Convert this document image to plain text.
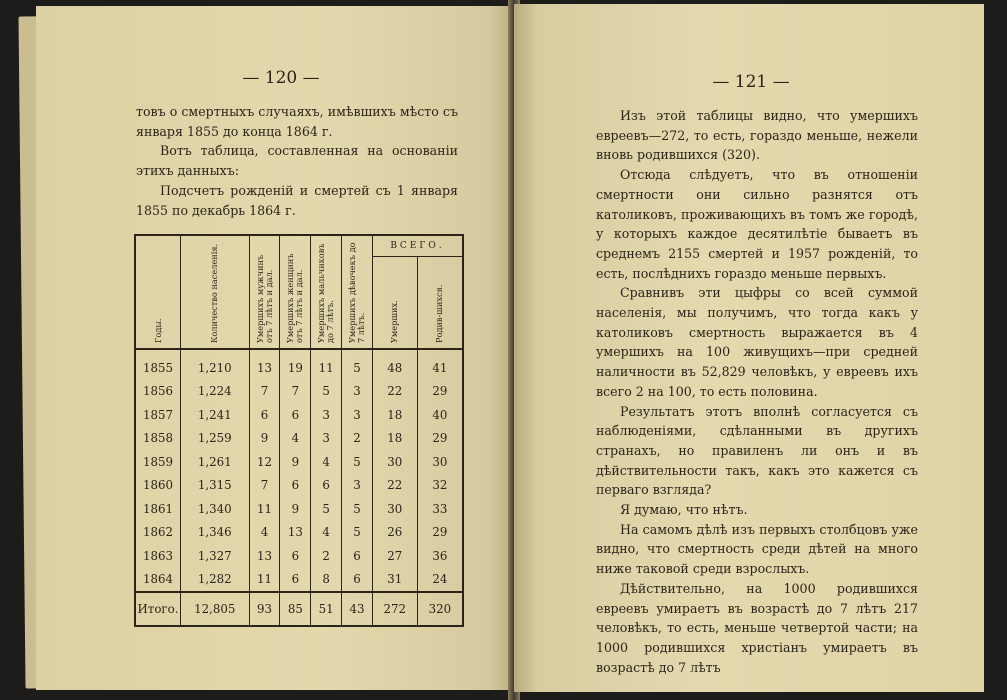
— 120 —

товъ о смертныхъ случаяхъ, имѣвшихъ мѣсто съ января 1855 до конца 1864 г.

Вотъ таблица, составленная на основаніи этихъ данныхъ:

Подсчетъ рожденій и смертей съ 1 января 1855 по декабрь 1864 г.

Годы.	Количество населенія.	Умершихъ мужчинъ отъ 7 лѣтъ и дал.	Умершихъ женщинъ отъ 7 лѣтъ и дал.	Умершихъ мальчиковъ до 7 лѣтъ.	Умершихъ дѣвочекъ до 7 лѣтъ.	ВСЕГО.	
						Умерших.	Родив-шихся.
1855	1,210	13	19	11	5	48	41
1856	1,224	7	7	5	3	22	29
1857	1,241	6	6	3	3	18	40
1858	1,259	9	4	3	2	18	29
1859	1,261	12	9	4	5	30	30
1860	1,315	7	6	6	3	22	32
1861	1,340	11	9	5	5	30	33
1862	1,346	4	13	4	5	26	29
1863	1,327	13	6	2	6	27	36
1864	1,282	11	6	8	6	31	24
Итого.	12,805	93	85	51	43	272	320
— 121 —

Изъ этой таблицы видно, что умершихъ евреевъ—272, то есть, гораздо меньше, нежели вновь родившихся (320).

Отсюда слѣдуетъ, что въ отношеніи смертности они сильно разнятся отъ католиковъ, проживающихъ въ томъ же городѣ, у которыхъ каждое десятилѣтіе бываетъ въ среднемъ 2155 смертей и 1957 рожденій, то есть, послѣднихъ гораздо меньше первыхъ.

Сравнивъ эти цыфры со всей суммой населенія, мы получимъ, что тогда какъ у католиковъ смертность выражается въ 4 умершихъ на 100 живущихъ—при средней наличности въ 52,829 человѣкъ, у евреевъ ихъ всего 2 на 100, то есть половина.

Результатъ этотъ вполнѣ согласуется съ наблюденіями, сдѣланными въ другихъ странахъ, но правиленъ ли онъ и въ дѣйствительности такъ, какъ это кажется съ перваго взгляда?

Я думаю, что нѣтъ.

На самомъ дѣлѣ изъ первыхъ столбцовъ уже видно, что смертность среди дѣтей на много ниже таковой среди взрослыхъ.

Дѣйствительно, на 1000 родившихся евреевъ умираетъ въ возрастѣ до 7 лѣтъ 217 человѣкъ, то есть, меньше четвертой части; на 1000 родившихся христіанъ умираетъ въ возрастѣ до 7 лѣтъ
